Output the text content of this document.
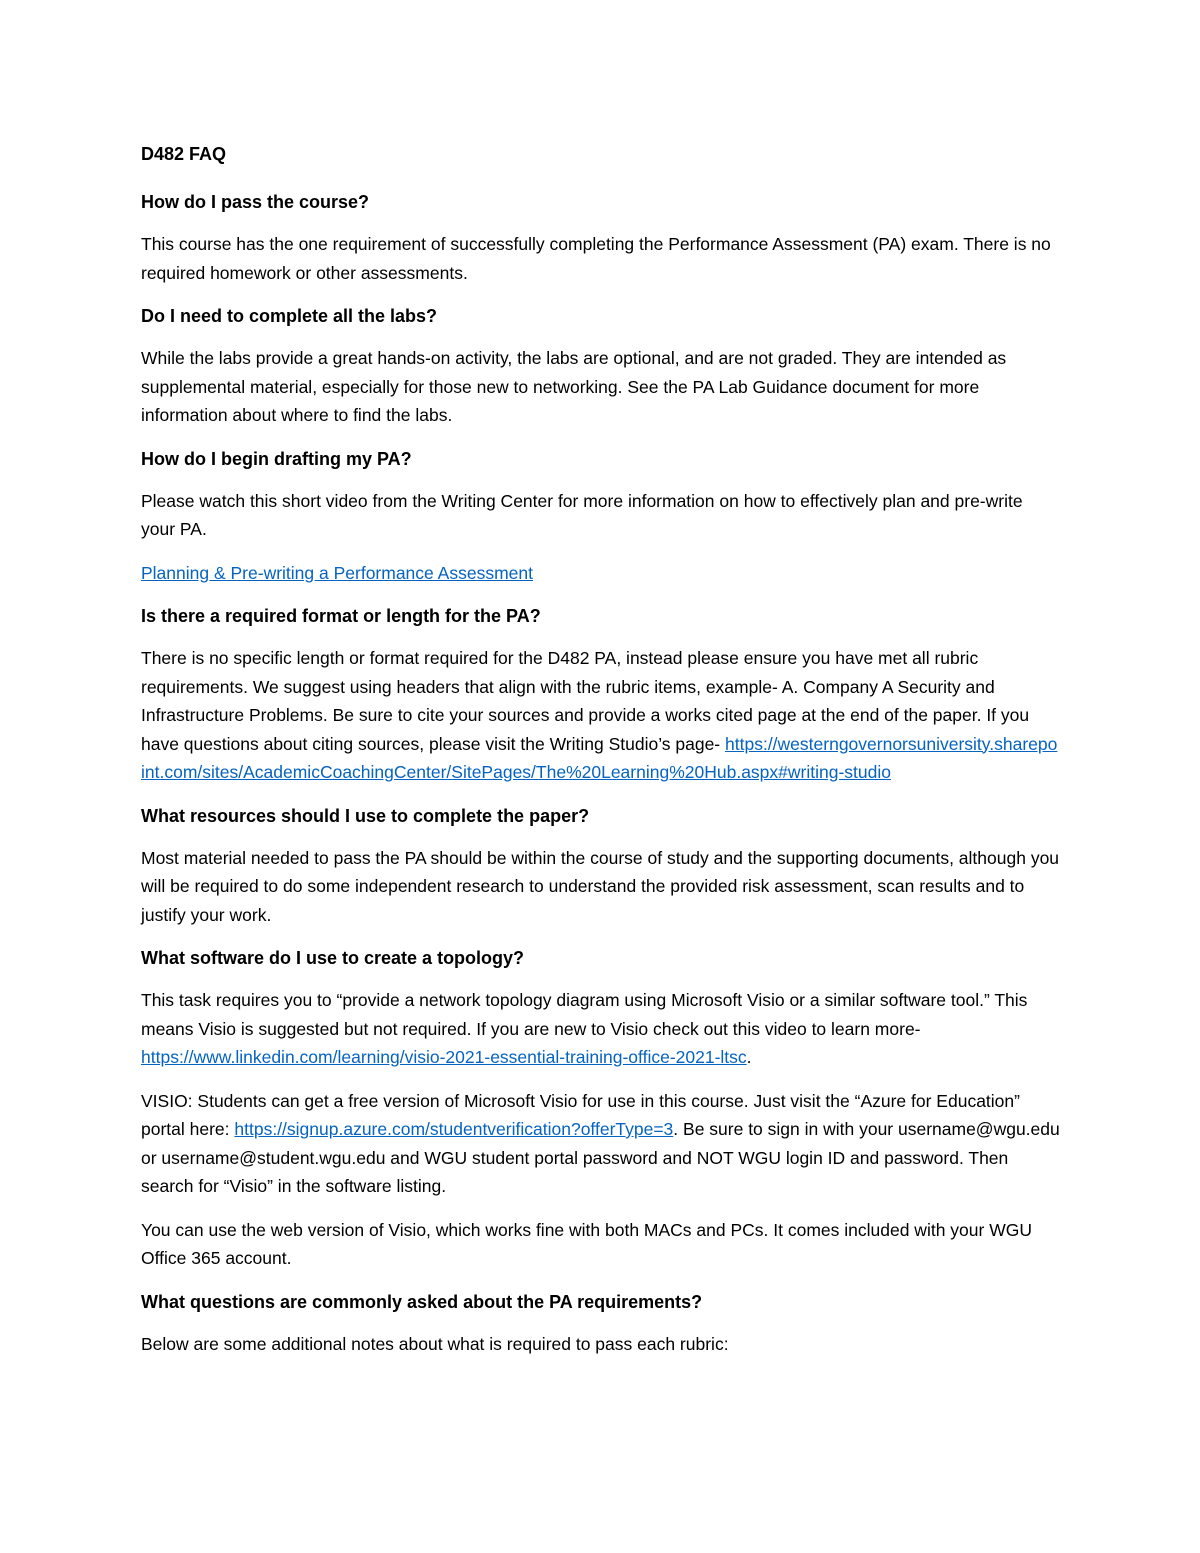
D482 FAQ
How do I pass the course?

This course has the one requirement of successfully completing the Performance Assessment (PA) exam. There is no required homework or other assessments.

Do I need to complete all the labs?

While the labs provide a great hands-on activity, the labs are optional, and are not graded. They are intended as supplemental material, especially for those new to networking. See the PA Lab Guidance document for more information about where to find the labs.

How do I begin drafting my PA?

Please watch this short video from the Writing Center for more information on how to effectively plan and pre-write your PA.

Planning & Pre-writing a Performance Assessment

Is there a required format or length for the PA?

There is no specific length or format required for the D482 PA, instead please ensure you have met all rubric requirements. We suggest using headers that align with the rubric items, example- A. Company A Security and Infrastructure Problems. Be sure to cite your sources and provide a works cited page at the end of the paper. If you have questions about citing sources, please visit the Writing Studio’s page- https://westerngovernorsuniversity.sharepoint.com/sites/AcademicCoachingCenter/SitePages/The%20Learning%20Hub.aspx#writing-studio

What resources should I use to complete the paper?

Most material needed to pass the PA should be within the course of study and the supporting documents, although you will be required to do some independent research to understand the provided risk assessment, scan results and to justify your work.

What software do I use to create a topology?

This task requires you to “provide a network topology diagram using Microsoft Visio or a similar software tool.” This means Visio is suggested but not required. If you are new to Visio check out this video to learn more- https://www.linkedin.com/learning/visio-2021-essential-training-office-2021-ltsc.

VISIO: Students can get a free version of Microsoft Visio for use in this course. Just visit the “Azure for Education” portal here: https://signup.azure.com/studentverification?offerType=3. Be sure to sign in with your username@wgu.edu or username@student.wgu.edu and WGU student portal password and NOT WGU login ID and password. Then search for “Visio” in the software listing.

You can use the web version of Visio, which works fine with both MACs and PCs. It comes included with your WGU Office 365 account.

What questions are commonly asked about the PA requirements?

Below are some additional notes about what is required to pass each rubric:
